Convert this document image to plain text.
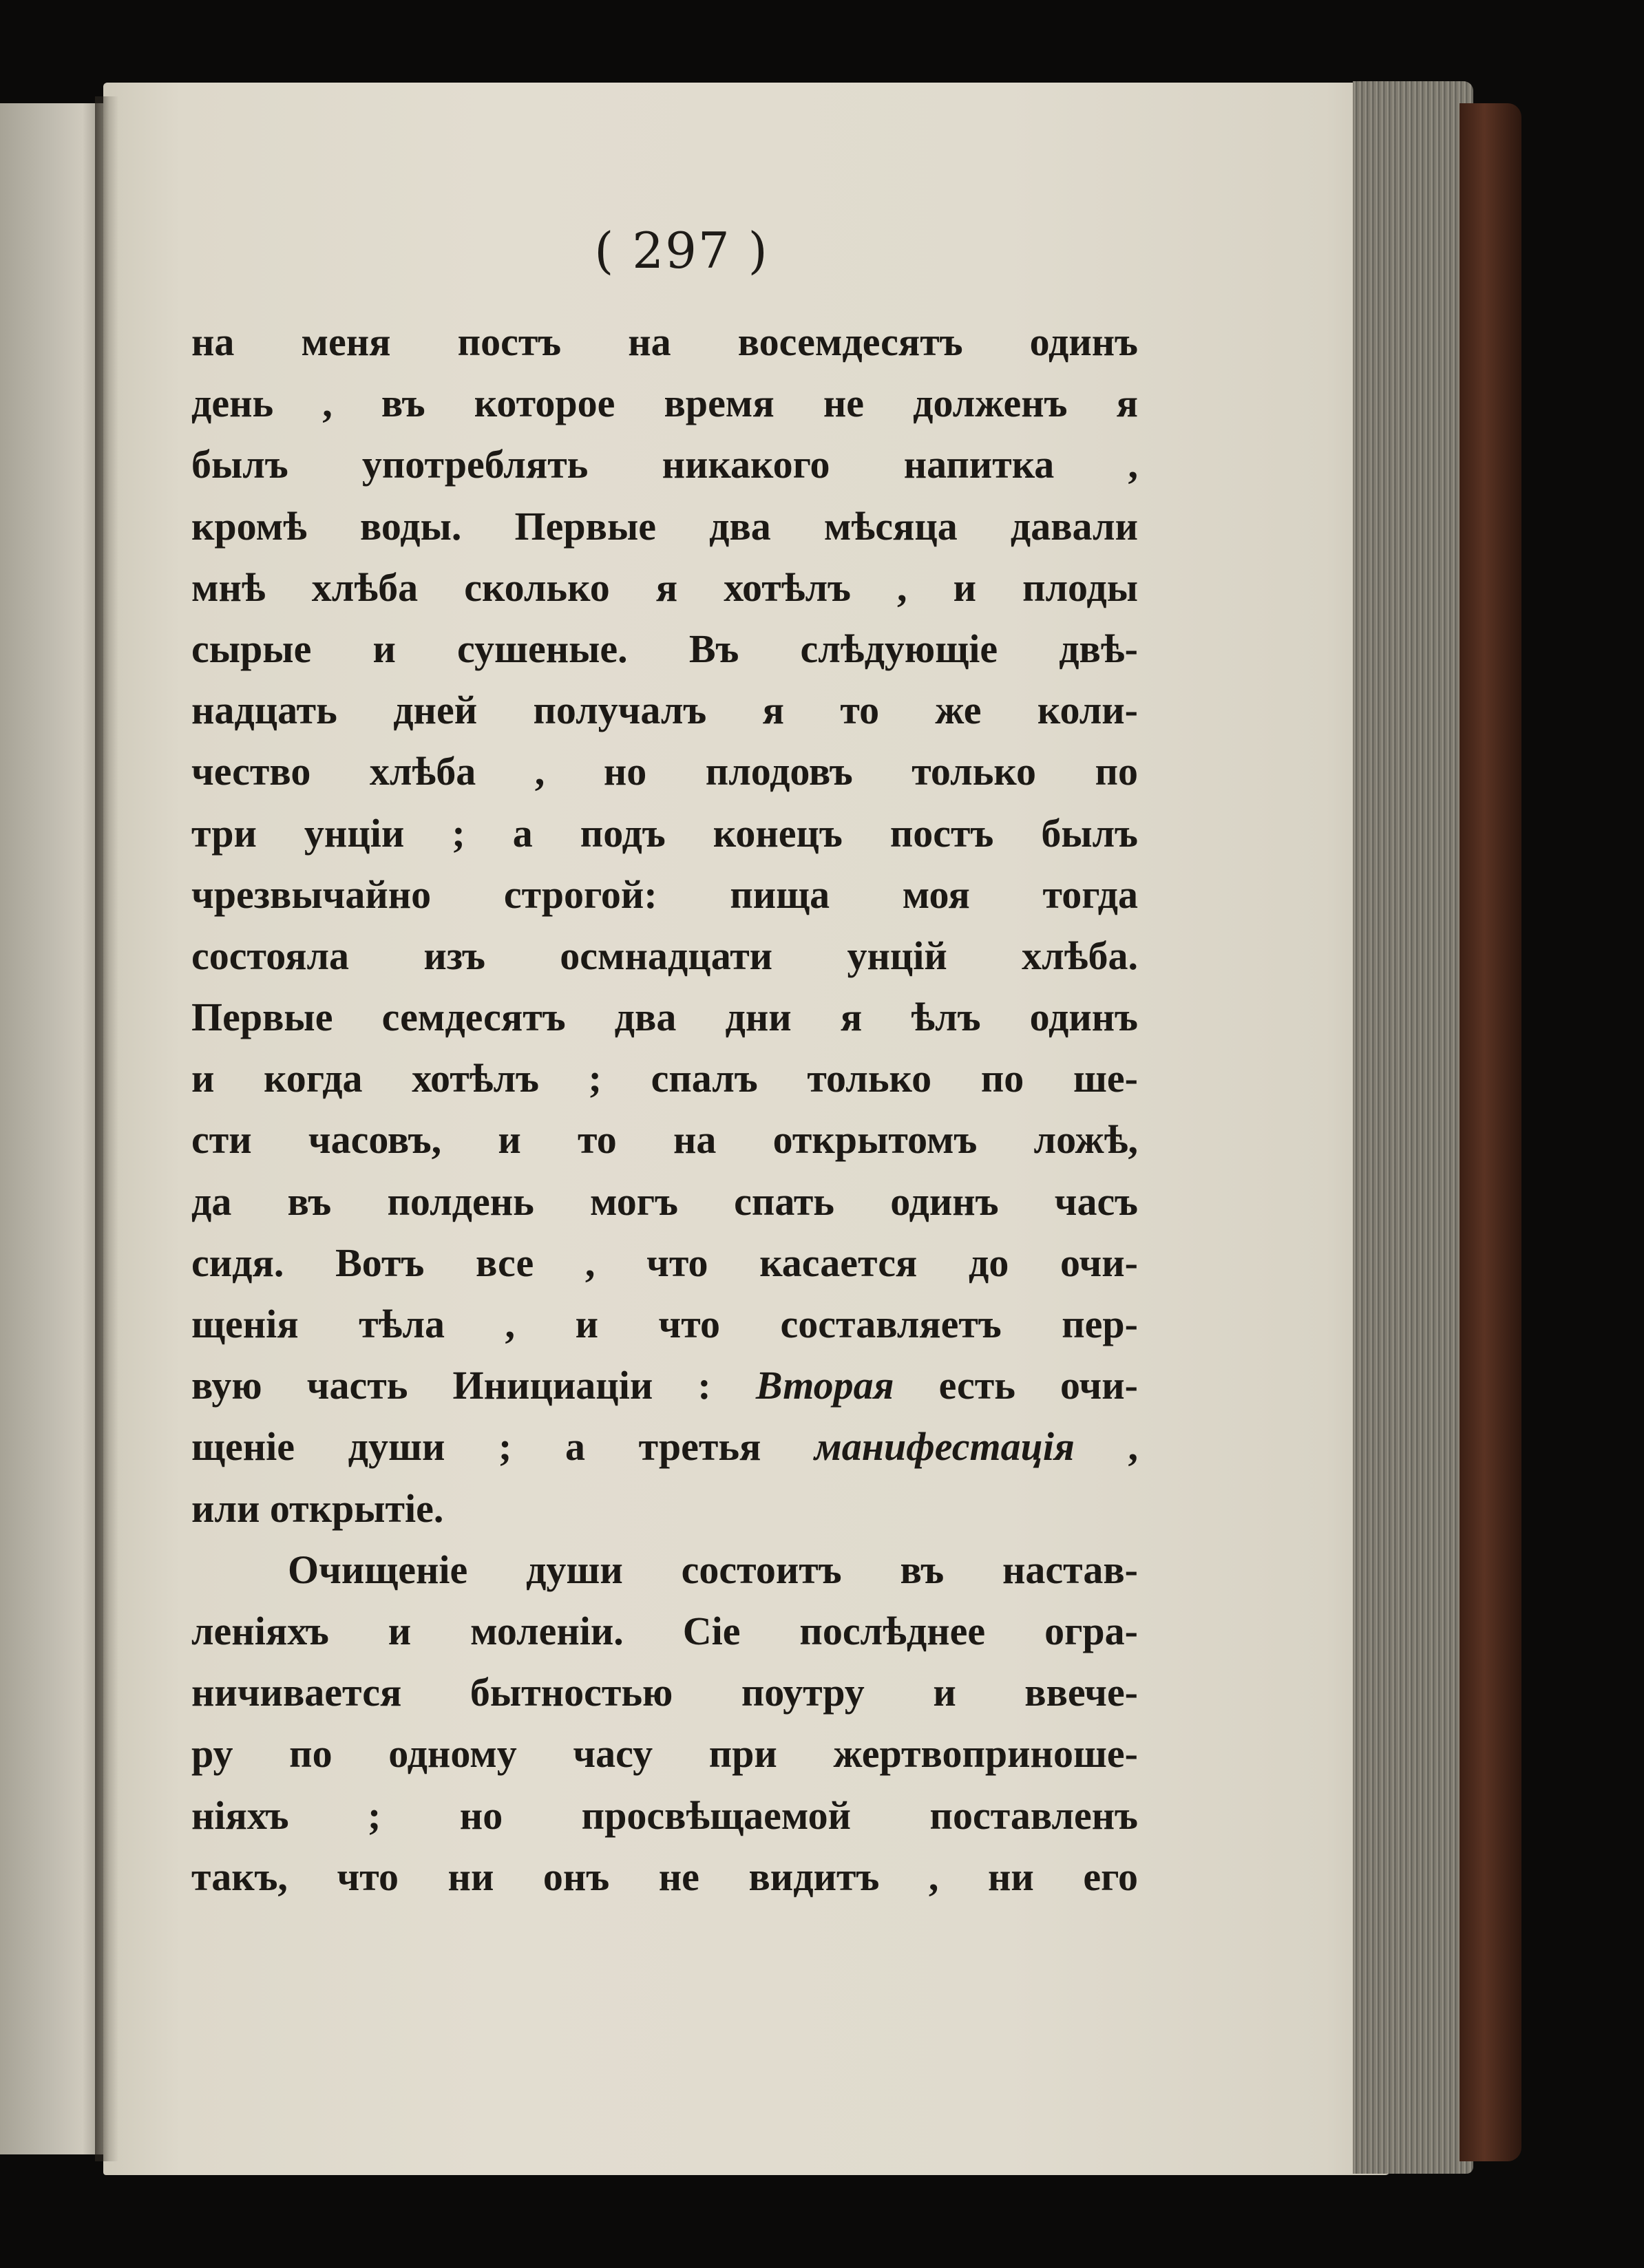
( 297 )
на меня постъ на восемдесятъ одинъ
день , въ которое время не долженъ я
былъ употреблять никакого напитка ,
кромѣ воды. Первые два мѣсяца давали
мнѣ хлѣба сколько я хотѣлъ , и плоды
сырые и сушеные. Въ слѣдующіе двѣ-
надцать дней получалъ я то же коли-
чество хлѣба , но плодовъ только по
три унціи ; а подъ конецъ постъ былъ
чрезвычайно строгой: пища моя тогда
состояла изъ осмнадцати унцій хлѣба.
Первые семдесятъ два дни я ѣлъ одинъ
и когда хотѣлъ ; спалъ только по ше-
сти часовъ, и то на открытомъ ложѣ,
да въ полдень могъ спать одинъ часъ
сидя. Вотъ все , что касается до очи-
щенія тѣла , и что составляетъ пер-
вую часть Инициаціи : Вторая есть очи-
щеніе души ; а третья манифестація ,
или открытіе.
Очищеніе души состоитъ въ настав-
леніяхъ и моленіи. Сіе послѣднее огра-
ничивается бытностью поутру и ввече-
ру по одному часу при жертвоприноше-
ніяхъ ; но просвѣщаемой поставленъ
такъ, что ни онъ не видитъ , ни его
